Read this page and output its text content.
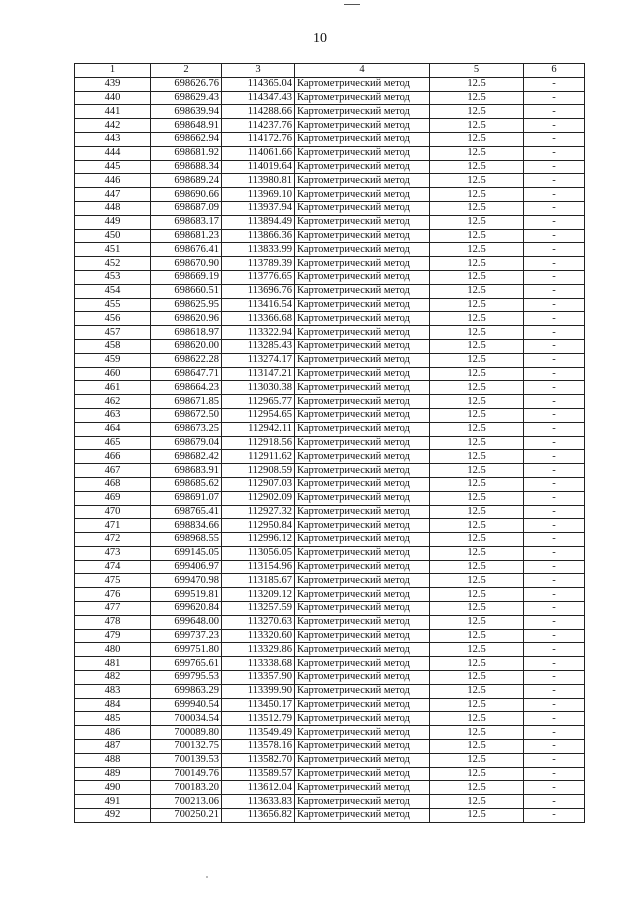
10
1	2	3	4	5	6
439	698626.76	114365.04	Картометрический метод	12.5	-
440	698629.43	114347.43	Картометрический метод	12.5	-
441	698639.94	114288.66	Картометрический метод	12.5	-
442	698648.91	114237.76	Картометрический метод	12.5	-
443	698662.94	114172.76	Картометрический метод	12.5	-
444	698681.92	114061.66	Картометрический метод	12.5	-
445	698688.34	114019.64	Картометрический метод	12.5	-
446	698689.24	113980.81	Картометрический метод	12.5	-
447	698690.66	113969.10	Картометрический метод	12.5	-
448	698687.09	113937.94	Картометрический метод	12.5	-
449	698683.17	113894.49	Картометрический метод	12.5	-
450	698681.23	113866.36	Картометрический метод	12.5	-
451	698676.41	113833.99	Картометрический метод	12.5	-
452	698670.90	113789.39	Картометрический метод	12.5	-
453	698669.19	113776.65	Картометрический метод	12.5	-
454	698660.51	113696.76	Картометрический метод	12.5	-
455	698625.95	113416.54	Картометрический метод	12.5	-
456	698620.96	113366.68	Картометрический метод	12.5	-
457	698618.97	113322.94	Картометрический метод	12.5	-
458	698620.00	113285.43	Картометрический метод	12.5	-
459	698622.28	113274.17	Картометрический метод	12.5	-
460	698647.71	113147.21	Картометрический метод	12.5	-
461	698664.23	113030.38	Картометрический метод	12.5	-
462	698671.85	112965.77	Картометрический метод	12.5	-
463	698672.50	112954.65	Картометрический метод	12.5	-
464	698673.25	112942.11	Картометрический метод	12.5	-
465	698679.04	112918.56	Картометрический метод	12.5	-
466	698682.42	112911.62	Картометрический метод	12.5	-
467	698683.91	112908.59	Картометрический метод	12.5	-
468	698685.62	112907.03	Картометрический метод	12.5	-
469	698691.07	112902.09	Картометрический метод	12.5	-
470	698765.41	112927.32	Картометрический метод	12.5	-
471	698834.66	112950.84	Картометрический метод	12.5	-
472	698968.55	112996.12	Картометрический метод	12.5	-
473	699145.05	113056.05	Картометрический метод	12.5	-
474	699406.97	113154.96	Картометрический метод	12.5	-
475	699470.98	113185.67	Картометрический метод	12.5	-
476	699519.81	113209.12	Картометрический метод	12.5	-
477	699620.84	113257.59	Картометрический метод	12.5	-
478	699648.00	113270.63	Картометрический метод	12.5	-
479	699737.23	113320.60	Картометрический метод	12.5	-
480	699751.80	113329.86	Картометрический метод	12.5	-
481	699765.61	113338.68	Картометрический метод	12.5	-
482	699795.53	113357.90	Картометрический метод	12.5	-
483	699863.29	113399.90	Картометрический метод	12.5	-
484	699940.54	113450.17	Картометрический метод	12.5	-
485	700034.54	113512.79	Картометрический метод	12.5	-
486	700089.80	113549.49	Картометрический метод	12.5	-
487	700132.75	113578.16	Картометрический метод	12.5	-
488	700139.53	113582.70	Картометрический метод	12.5	-
489	700149.76	113589.57	Картометрический метод	12.5	-
490	700183.20	113612.04	Картометрический метод	12.5	-
491	700213.06	113633.83	Картометрический метод	12.5	-
492	700250.21	113656.82	Картометрический метод	12.5	-
